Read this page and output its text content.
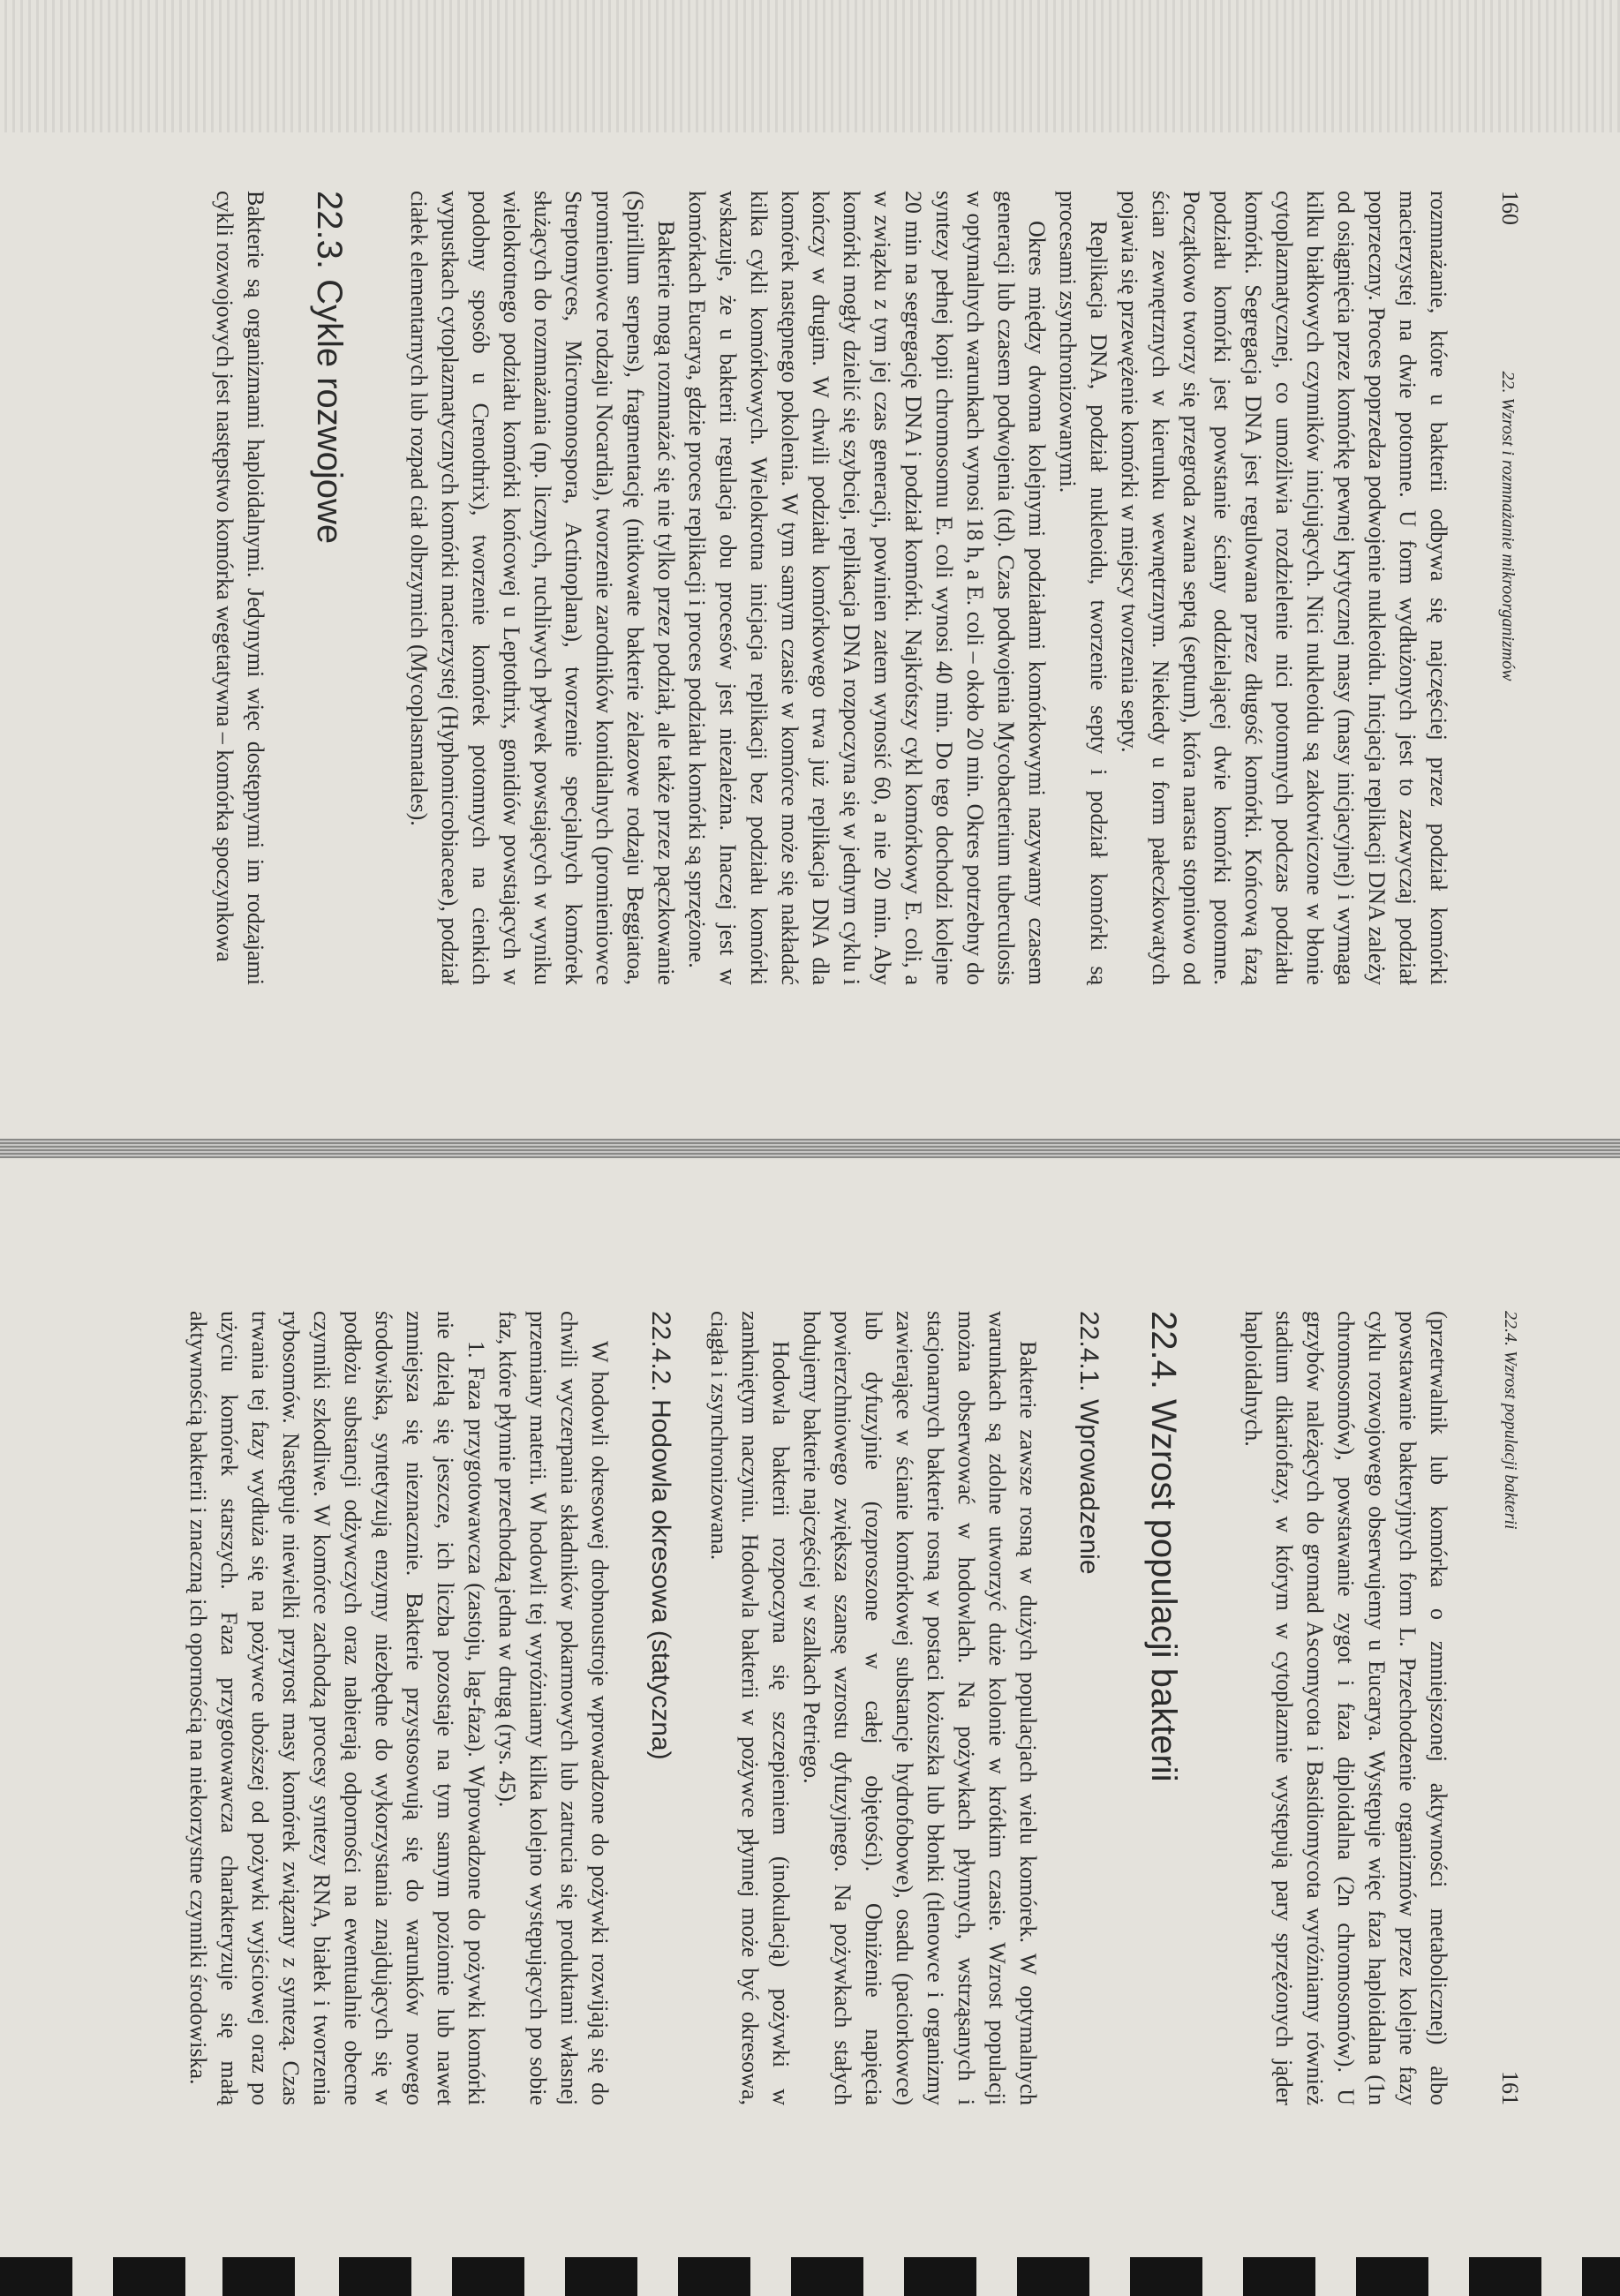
160 22. Wzrost i rozmnażanie mikroorganizmów

rozmnażanie, które u bakterii odbywa się najczęściej przez podział komórki macierzystej na dwie potomne. U form wydłużonych jest to zazwyczaj podział poprzeczny. Proces poprzedza podwojenie nukleoidu. Inicjacja replikacji DNA zależy od osiągnięcia przez komórkę pewnej krytycznej masy (masy inicjacyjnej) i wymaga kilku białkowych czynników inicjujących. Nici nukleoidu są zakotwiczone w błonie cytoplazmatycznej, co umożliwia rozdzielenie nici potomnych podczas podziału komórki. Segregacja DNA jest regulowana przez długość komórki. Końcową fazą podziału komórki jest powstanie ściany oddzielającej dwie komórki potomne. Początkowo tworzy się przegroda zwana septą (septum), która narasta stopniowo od ścian zewnętrznych w kierunku wewnętrznym. Niekiedy u form pałeczkowatych pojawia się przewężenie komórki w miejscy tworzenia septy.

Replikacja DNA, podział nukleoidu, tworzenie septy i podział komórki są procesami zsynchronizowanymi.

Okres między dwoma kolejnymi podziałami komórkowymi nazywamy czasem generacji lub czasem podwojenia (td). Czas podwojenia Mycobacterium tuberculosis w optymalnych warunkach wynosi 18 h, a E. coli – około 20 min. Okres potrzebny do syntezy pełnej kopii chromosomu E. coli wynosi 40 min. Do tego dochodzi kolejne 20 min na segregację DNA i podział komórki. Najkrótszy cykl komórkowy E. coli, a w związku z tym jej czas generacji, powinien zatem wynosić 60, a nie 20 min. Aby komórki mogły dzielić się szybciej, replikacja DNA rozpoczyna się w jednym cyklu i kończy w drugim. W chwili podziału komórkowego trwa już replikacja DNA dla komórek następnego pokolenia. W tym samym czasie w komórce może się nakładać kilka cykli komórkowych. Wielokrotna inicjacja replikacji bez podziału komórki wskazuje, że u bakterii regulacja obu procesów jest niezależna. Inaczej jest w komórkach Eucarya, gdzie proces replikacji i proces podziału komórki są sprzężone.

Bakterie mogą rozmnażać się nie tylko przez podział, ale także przez pączkowanie (Spirillum serpens), fragmentację (nitkowate bakterie żelazowe rodzaju Beggiatoa, promieniowce rodzaju Nocardia), tworzenie zarodników konidialnych (promieniowce Streptomyces, Micromonospora, Actinoplana), tworzenie specjalnych komórek służących do rozmnażania (np. licznych, ruchliwych pływek powstających w wyniku wielokrotnego podziału komórki końcowej u Leptothrix, gonidiów powstających w podobny sposób u Crenothrix), tworzenie komórek potomnych na cienkich wypustkach cytoplazmatycznych komórki macierzystej (Hyphomicrobiaceae), podział ciałek elementarnych lub rozpad ciał olbrzymich (Mycoplasmatales).

22.3. Cykle rozwojowe

Bakterie są organizmami haploidalnymi. Jedynymi więc dostępnymi im rodzajami cykli rozwojowych jest następstwo komórka wegetatywna – komórka spoczynkowa

22.4. Wzrost populacji bakterii
161

(przetrwalnik lub komórka o zmniejszonej aktywności metabolicznej) albo powstawanie bakteryjnych form L. Przechodzenie organizmów przez kolejne fazy cyklu rozwojowego obserwujemy u Eucarya. Występuje więc faza haploidalna (1n chromosomów), powstawanie zygot i faza diploidalna (2n chromosomów). U grzybów należących do gromad Ascomycota i Basidiomycota wyróżniamy również stadium dikariofazy, w którym w cytoplazmie występują pary sprzężonych jąder haploidalnych.

22.4. Wzrost populacji bakterii
22.4.1. Wprowadzenie

Bakterie zawsze rosną w dużych populacjach wielu komórek. W optymalnych warunkach są zdolne utworzyć duże kolonie w krótkim czasie. Wzrost populacji można obserwować w hodowlach. Na pożywkach płynnych, wstrząsanych i stacjonarnych bakterie rosną w postaci kożuszka lub błonki (tlenowce i organizmy zawierające w ścianie komórkowej substancje hydrofobowe), osadu (paciorkowce) lub dyfuzyjnie (rozproszone w całej objętości). Obniżenie napięcia powierzchniowego zwiększa szansę wzrostu dyfuzyjnego. Na pożywkach stałych hodujemy bakterie najczęściej w szalkach Petriego.

Hodowla bakterii rozpoczyna się szczepieniem (inokulacją) pożywki w zamkniętym naczyniu. Hodowla bakterii w pożywce płynnej może być okresowa, ciągła i zsynchronizowana.

22.4.2. Hodowla okresowa (statyczna)

W hodowli okresowej drobnoustroje wprowadzone do pożywki rozwijają się do chwili wyczerpania składników pokarmowych lub zatrucia się produktami własnej przemiany materii. W hodowli tej wyróżniamy kilka kolejno występujących po sobie faz, które płynnie przechodzą jedna w drugą (rys. 45).

1. Faza przygotowawcza (zastoju, lag-faza). Wprowadzone do pożywki komórki nie dzielą się jeszcze, ich liczba pozostaje na tym samym poziomie lub nawet zmniejsza się nieznacznie. Bakterie przystosowują się do warunków nowego środowiska, syntetyzują enzymy niezbędne do wykorzystania znajdujących się w podłożu substancji odżywczych oraz nabierają odporności na ewentualnie obecne czynniki szkodliwe. W komórce zachodzą procesy syntezy RNA, białek i tworzenia rybosomów. Następuje niewielki przyrost masy komórek związany z syntezą. Czas trwania tej fazy wydłuża się na pożywce uboższej od pożywki wyjściowej oraz po użyciu komórek starszych. Faza przygotowawcza charakteryzuje się małą aktywnością bakterii i znaczną ich opornością na niekorzystne czynniki środowiska.
